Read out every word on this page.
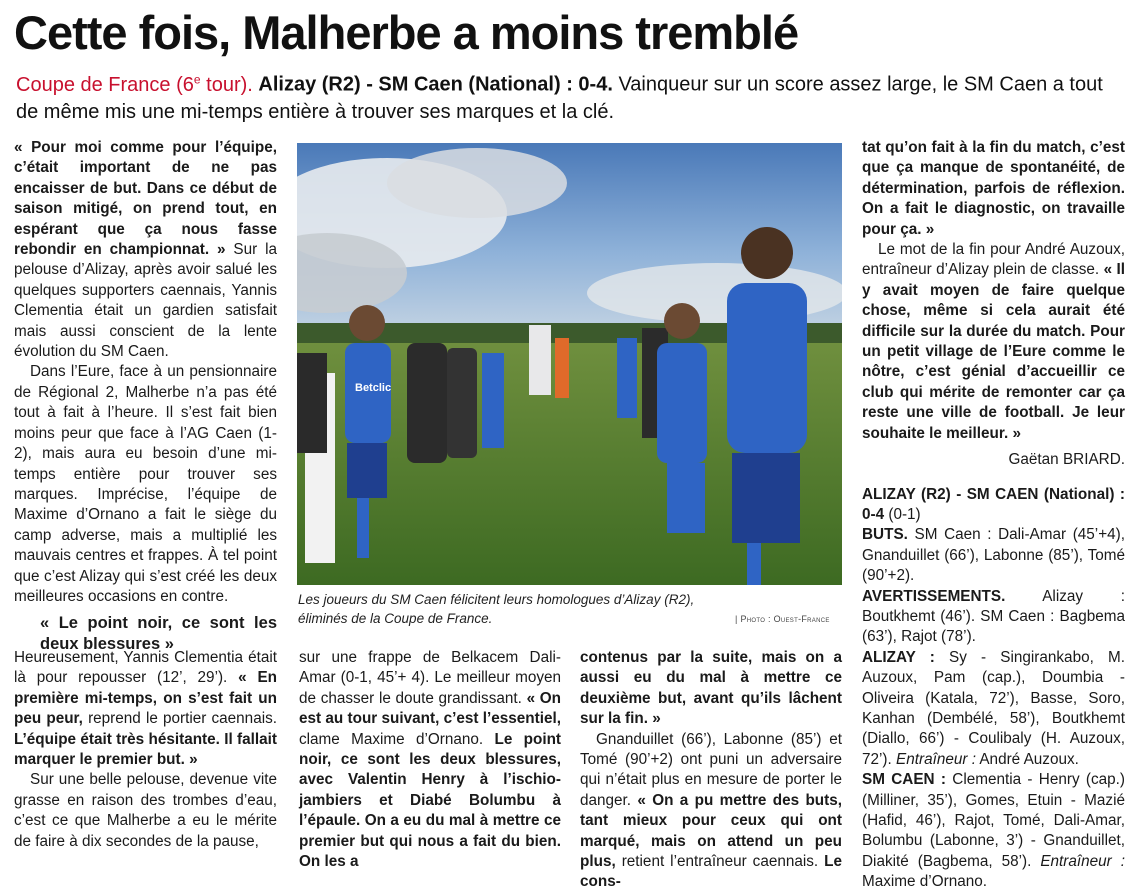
Cette fois, Malherbe a moins tremblé

Coupe de France (6e tour). Alizay (R2) - SM Caen (National) : 0-4. Vainqueur sur un score assez large, le SM Caen a tout de même mis une mi-temps entière à trouver ses marques et la clé.

« Pour moi comme pour l’équipe, c’était important de ne pas encaisser de but. Dans ce début de saison mitigé, on prend tout, en espérant que ça nous fasse rebondir en championnat. » Sur la pelouse d’Alizay, après avoir salué les quelques supporters caennais, Yannis Clementia était un gardien satisfait mais aussi conscient de la lente évolution du SM Caen.

Dans l’Eure, face à un pensionnaire de Régional 2, Malherbe n’a pas été tout à fait à l’heure. Il s’est fait bien moins peur que face à l’AG Caen (1-2), mais aura eu besoin d’une mi-temps entière pour trouver ses marques. Imprécise, l’équipe de Maxime d’Ornano a fait le siège du camp adverse, mais a multiplié les mauvais centres et frappes. À tel point que c’est Alizay qui s’est créé les deux meilleures occasions en contre.

« Le point noir, ce sont les deux blessures »

Heureusement, Yannis Clementia était là pour repousser (12’, 29’). « En première mi-temps, on s’est fait un peu peur, reprend le portier caennais. L’équipe était très hésitante. Il fallait marquer le premier but. »

Sur une belle pelouse, devenue vite grasse en raison des trombes d’eau, c’est ce que Malherbe a eu le mérite de faire à dix secondes de la pause,

Betclic
Les joueurs du SM Caen félicitent leurs homologues d’Alizay (R2), éliminés de la Coupe de France.	| Photo : Ouest-France

sur une frappe de Belkacem Dali-Amar (0-1, 45’+ 4). Le meilleur moyen de chasser le doute grandissant. « On est au tour suivant, c’est l’essentiel, clame Maxime d’Ornano. Le point noir, ce sont les deux blessures, avec Valentin Henry à l’ischio-jambiers et Diabé Bolumbu à l’épaule. On a eu du mal à mettre ce premier but qui nous a fait du bien. On les a

contenus par la suite, mais on a aussi eu du mal à mettre ce deuxième but, avant qu’ils lâchent sur la fin. »

Gnanduillet (66’), Labonne (85’) et Tomé (90’+2) ont puni un adversaire qui n’était plus en mesure de porter le danger. « On a pu mettre des buts, tant mieux pour ceux qui ont marqué, mais on attend un peu plus, retient l’entraîneur caennais. Le cons-

tat qu’on fait à la fin du match, c’est que ça manque de spontanéité, de détermination, parfois de réflexion. On a fait le diagnostic, on travaille pour ça. »

Le mot de la fin pour André Auzoux, entraîneur d’Alizay plein de classe. « Il y avait moyen de faire quelque chose, même si cela aurait été difficile sur la durée du match. Pour un petit village de l’Eure comme le nôtre, c’est génial d’accueillir ce club qui mérite de remonter car ça reste une ville de football. Je leur souhaite le meilleur. »

Gaëtan BRIARD.

ALIZAY (R2) - SM CAEN (National) : 0-4 (0-1)

BUTS. SM Caen : Dali-Amar (45’+4), Gnanduillet (66’), Labonne (85’), Tomé (90’+2).

AVERTISSEMENTS. Alizay : Boutkhemt (46’). SM Caen : Bagbema (63’), Rajot (78’).

ALIZAY : Sy - Singirankabo, M. Auzoux, Pam (cap.), Doumbia - Oliveira (Katala, 72’), Basse, Soro, Kanhan (Dembélé, 58’), Boutkhemt (Diallo, 66’) - Coulibaly (H. Auzoux, 72’). Entraîneur : André Auzoux.

SM CAEN : Clementia - Henry (cap.) (Milliner, 35’), Gomes, Etuin - Mazié (Hafid, 46’), Rajot, Tomé, Dali-Amar, Bolumbu (Labonne, 3’) - Gnanduillet, Diakité (Bagbema, 58’). Entraîneur : Maxime d’Ornano.
